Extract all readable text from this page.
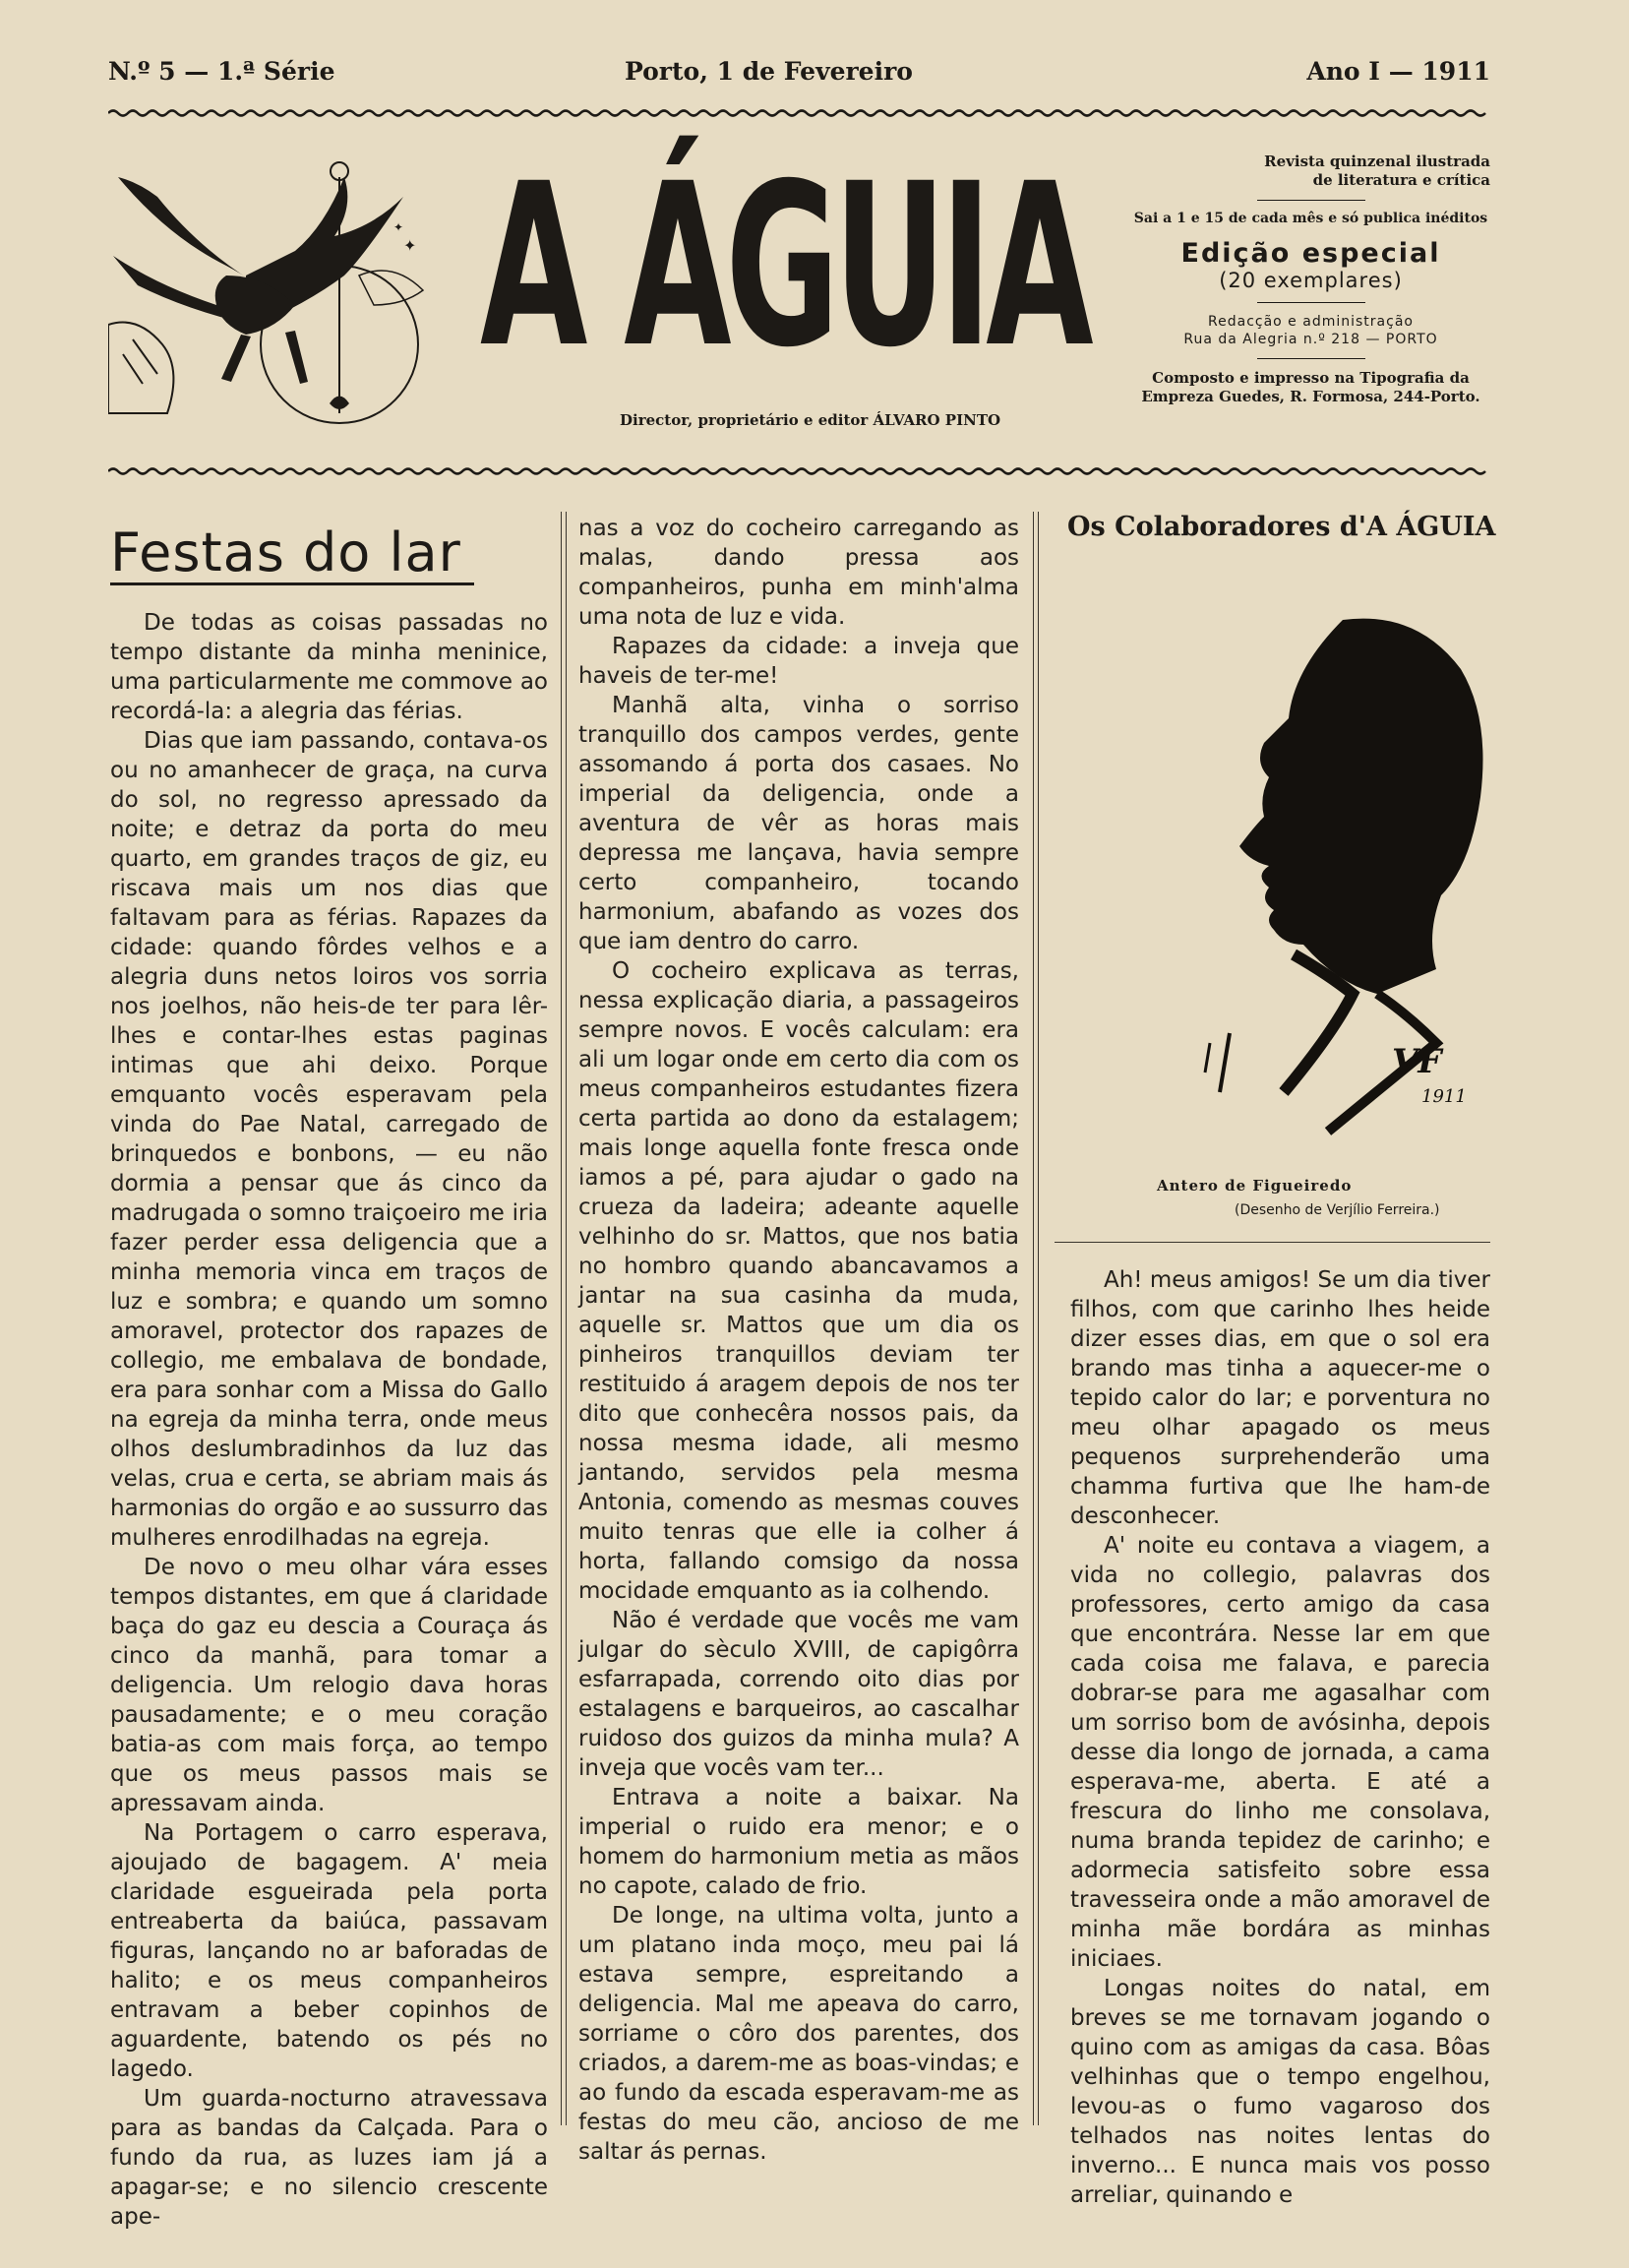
N.º 5 — 1.ª Série	Porto, 1 de Fevereiro	Ano I — 1911
✦
✦ A ÁGUIA
Director, proprietário e editor ÁLVARO PINTO
Revista quinzenal ilustrada
de literatura e crítica
Sai a 1 e 15 de cada mês e só publica inéditos
Edição especial
(20 exemplares)
Redacção e administração
Rua da Alegria n.º 218 — PORTO
Composto e impresso na Tipografia da
Empreza Guedes, R. Formosa, 244-Porto.
Festas do lar

De todas as coisas passadas no tempo distante da minha meninice, uma particularmente me commove ao recordá-la: a alegria das férias.

Dias que iam passando, contava-os ou no amanhecer de graça, na curva do sol, no regresso apressado da noite; e detraz da porta do meu quarto, em grandes traços de giz, eu riscava mais um nos dias que faltavam para as férias. Rapazes da cidade: quando fôrdes velhos e a alegria duns netos loiros vos sorria nos joelhos, não heis-de ter para lêr-lhes e contar-lhes estas paginas intimas que ahi deixo. Porque emquanto vocês esperavam pela vinda do Pae Natal, carregado de brinquedos e bonbons, — eu não dormia a pensar que ás cinco da madrugada o somno traiçoeiro me iria fazer perder essa deligencia que a minha memoria vinca em traços de luz e sombra; e quando um somno amoravel, protector dos rapazes de collegio, me embalava de bondade, era para sonhar com a Missa do Gallo na egreja da minha terra, onde meus olhos deslumbradinhos da luz das velas, crua e certa, se abriam mais ás harmonias do orgão e ao sussurro das mulheres enrodilhadas na egreja.

De novo o meu olhar vára esses tempos distantes, em que á claridade baça do gaz eu descia a Couraça ás cinco da manhã, para tomar a deligencia. Um relogio dava horas pausadamente; e o meu coração batia-as com mais força, ao tempo que os meus passos mais se apressavam ainda.

Na Portagem o carro esperava, ajoujado de bagagem. A' meia claridade esgueirada pela porta entreaberta da baiúca, passavam figuras, lançando no ar baforadas de halito; e os meus companheiros entravam a beber copinhos de aguardente, batendo os pés no lagedo.

Um guarda-nocturno atravessava para as bandas da Calçada. Para o fundo da rua, as luzes iam já a apagar-se; e no silencio crescente ape-

nas a voz do cocheiro carregando as malas, dando pressa aos companheiros, punha em minh'alma uma nota de luz e vida.

Rapazes da cidade: a inveja que haveis de ter-me!

Manhã alta, vinha o sorriso tranquillo dos campos verdes, gente assomando á porta dos casaes. No imperial da deligencia, onde a aventura de vêr as horas mais depressa me lançava, havia sempre certo companheiro, tocando harmonium, abafando as vozes dos que iam dentro do carro.

O cocheiro explicava as terras, nessa explicação diaria, a passageiros sempre novos. E vocês calculam: era ali um logar onde em certo dia com os meus companheiros estudantes fizera certa partida ao dono da estalagem; mais longe aquella fonte fresca onde iamos a pé, para ajudar o gado na crueza da ladeira; adeante aquelle velhinho do sr. Mattos, que nos batia no hombro quando abancavamos a jantar na sua casinha da muda, aquelle sr. Mattos que um dia os pinheiros tranquillos deviam ter restituido á aragem depois de nos ter dito que conhecêra nossos pais, da nossa mesma idade, ali mesmo jantando, servidos pela mesma Antonia, comendo as mesmas couves muito tenras que elle ia colher á horta, fallando comsigo da nossa mocidade emquanto as ia colhendo.

Não é verdade que vocês me vam julgar do sèculo XVIII, de capigôrra esfarrapada, correndo oito dias por estalagens e barqueiros, ao cascalhar ruidoso dos guizos da minha mula? A inveja que vocês vam ter...

Entrava a noite a baixar. Na imperial o ruido era menor; e o homem do harmonium metia as mãos no capote, calado de frio.

De longe, na ultima volta, junto a um platano inda moço, meu pai lá estava sempre, espreitando a deligencia. Mal me apeava do carro, sorriame o côro dos parentes, dos criados, a darem-me as boas-vindas; e ao fundo da escada esperavam-me as festas do meu cão, ancioso de me saltar ás pernas.

Os Colaboradores d'A ÁGUIA
VF
1911
Antero de Figueiredo
(Desenho de Verjílio Ferreira.)

Ah! meus amigos! Se um dia tiver filhos, com que carinho lhes heide dizer esses dias, em que o sol era brando mas tinha a aquecer-me o tepido calor do lar; e porventura no meu olhar apagado os meus pequenos surprehenderão uma chamma furtiva que lhe ham-de desconhecer.

A' noite eu contava a viagem, a vida no collegio, palavras dos professores, certo amigo da casa que encontrára. Nesse lar em que cada coisa me falava, e parecia dobrar-se para me agasalhar com um sorriso bom de avósinha, depois desse dia longo de jornada, a cama esperava-me, aberta. E até a frescura do linho me consolava, numa branda tepidez de carinho; e adormecia satisfeito sobre essa travesseira onde a mão amoravel de minha mãe bordára as minhas iniciaes.

Longas noites do natal, em breves se me tornavam jogando o quino com as amigas da casa. Bôas velhinhas que o tempo engelhou, levou-as o fumo vagaroso dos telhados nas noites lentas do inverno... E nunca mais vos posso arreliar, quinando e
